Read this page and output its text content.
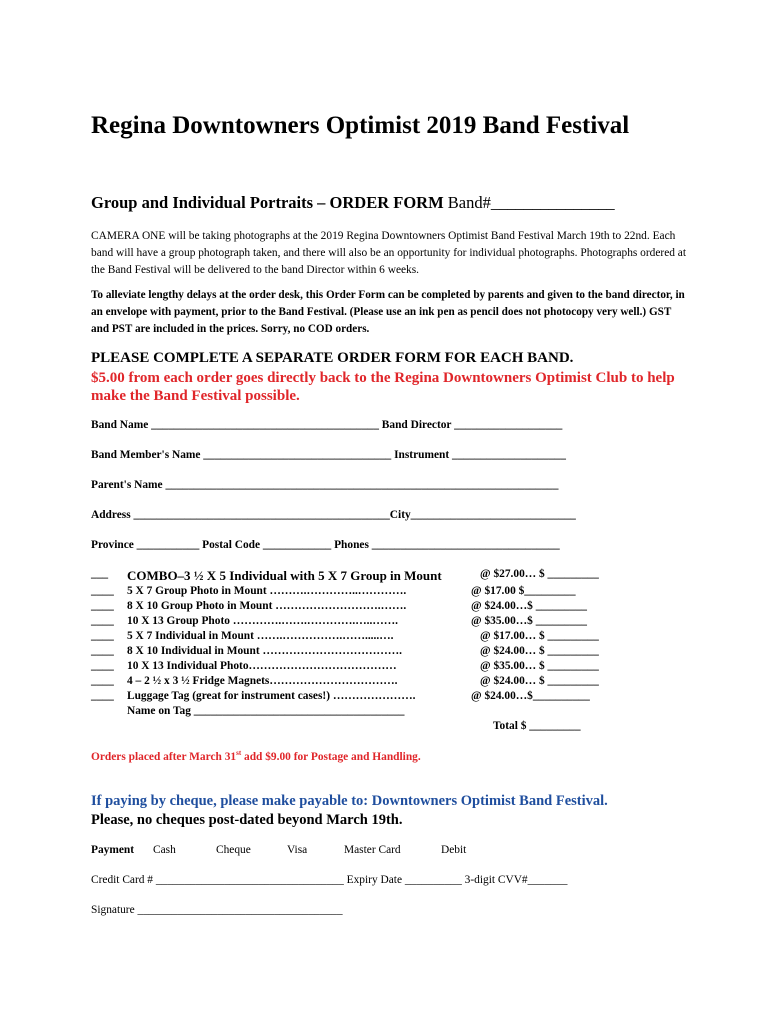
Regina Downtowners Optimist 2019 Band Festival
Group and Individual Portraits – ORDER FORM Band#_______________
CAMERA ONE will be taking photographs at the 2019 Regina Downtowners Optimist Band Festival March 19th to 22nd. Each band will have a group photograph taken, and there will also be an opportunity for individual photographs. Photographs ordered at the Band Festival will be delivered to the band Director within 6 weeks.
To alleviate lengthy delays at the order desk, this Order Form can be completed by parents and given to the band director, in an envelope with payment, prior to the Band Festival. (Please use an ink pen as pencil does not photocopy very well.) GST and PST are included in the prices. Sorry, no COD orders.
PLEASE COMPLETE A SEPARATE ORDER FORM FOR EACH BAND.
$5.00 from each order goes directly back to the Regina Downtowners Optimist Club to help make the Band Festival possible.
Band Name ________________________________________ Band Director ___________________
Band Member's Name _________________________________ Instrument ____________________
Parent's Name _____________________________________________________________________
Address _____________________________________________City_____________________________
Province ___________ Postal Code ____________ Phones _________________________________
___ COMBO–3 ½ X 5 Individual with 5 X 7 Group in Mount	@ $27.00… $ _________
____ 5 X 7 Group Photo in Mount ……….…………..………….	@ $17.00 $_________
____ 8 X 10 Group Photo in Mount ……………………….…….	@ $24.00…$ _________
____ 10 X 13 Group Photo ………….…….………….…..…….	@ $35.00…$ _________
____ 5 X 7 Individual in Mount …….…………….…….....….	@ $17.00… $ _________
____ 8 X 10 Individual in Mount ……………………………….	@ $24.00… $ _________
____ 10 X 13 Individual Photo…………………………………	@ $35.00… $ _________
____ 4 – 2 ½ x 3 ½ Fridge Magnets…………………………….	@ $24.00… $ _________
____ Luggage Tag (great for instrument cases!) ………………….	@ $24.00…$__________
Name on Tag _____________________________________
Total $ _________
Orders placed after March 31st add $9.00 for Postage and Handling.
If paying by cheque, please make payable to: Downtowners Optimist Band Festival.
Please, no cheques post-dated beyond March 19th.
Payment Cash	Cheque	Visa	Master Card	Debit
Credit Card # _________________________________ Expiry Date __________ 3-digit CVV#_______
Signature ____________________________________
